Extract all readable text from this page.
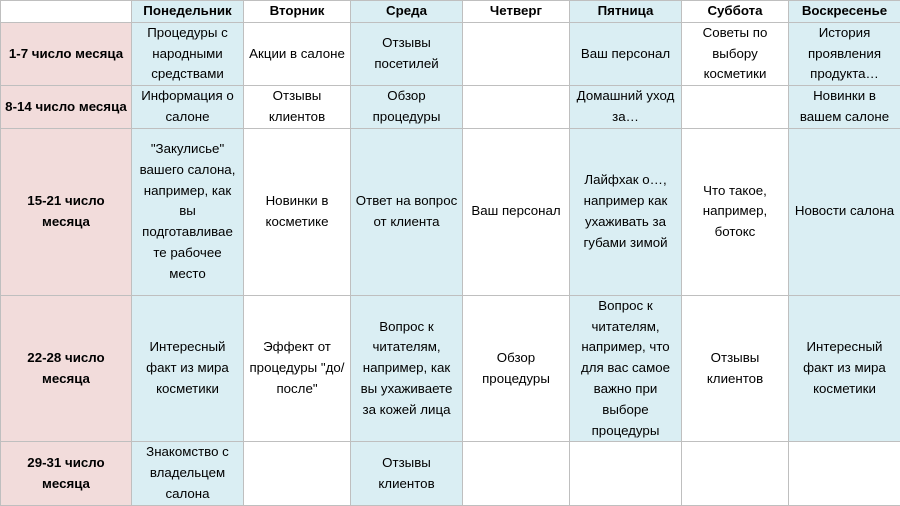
	Понедельник	Вторник	Среда	Четверг	Пятница	Суббота	Воскресенье
1-7 число месяца	Процедуры с народными средствами	Акции в салоне	Отзывы посетилей		Ваш персонал	Советы по выбору косметики	История проявления продукта…
8-14 число месяца	Информация о салоне	Отзывы клиентов	Обзор процедуры		Домашний уход за…		Новинки в вашем салоне
15-21 число месяца	"Закулисье" вашего салона, например, как вы подготавливае те рабочее место	Новинки в косметике	Ответ на вопрос от клиента	Ваш персонал	Лайфхак о…, например как ухаживать за губами зимой	Что такое, например, ботокс	Новости салона
22-28 число месяца	Интересный факт из мира косметики	Эффект от процедуры "до/после"	Вопрос к читателям, например, как вы ухаживаете за кожей лица	Обзор процедуры	Вопрос к читателям, например, что для вас самое важно при выборе процедуры	Отзывы клиентов	Интересный факт из мира косметики
29-31 число месяца	Знакомство с владельцем салона		Отзывы клиентов				
